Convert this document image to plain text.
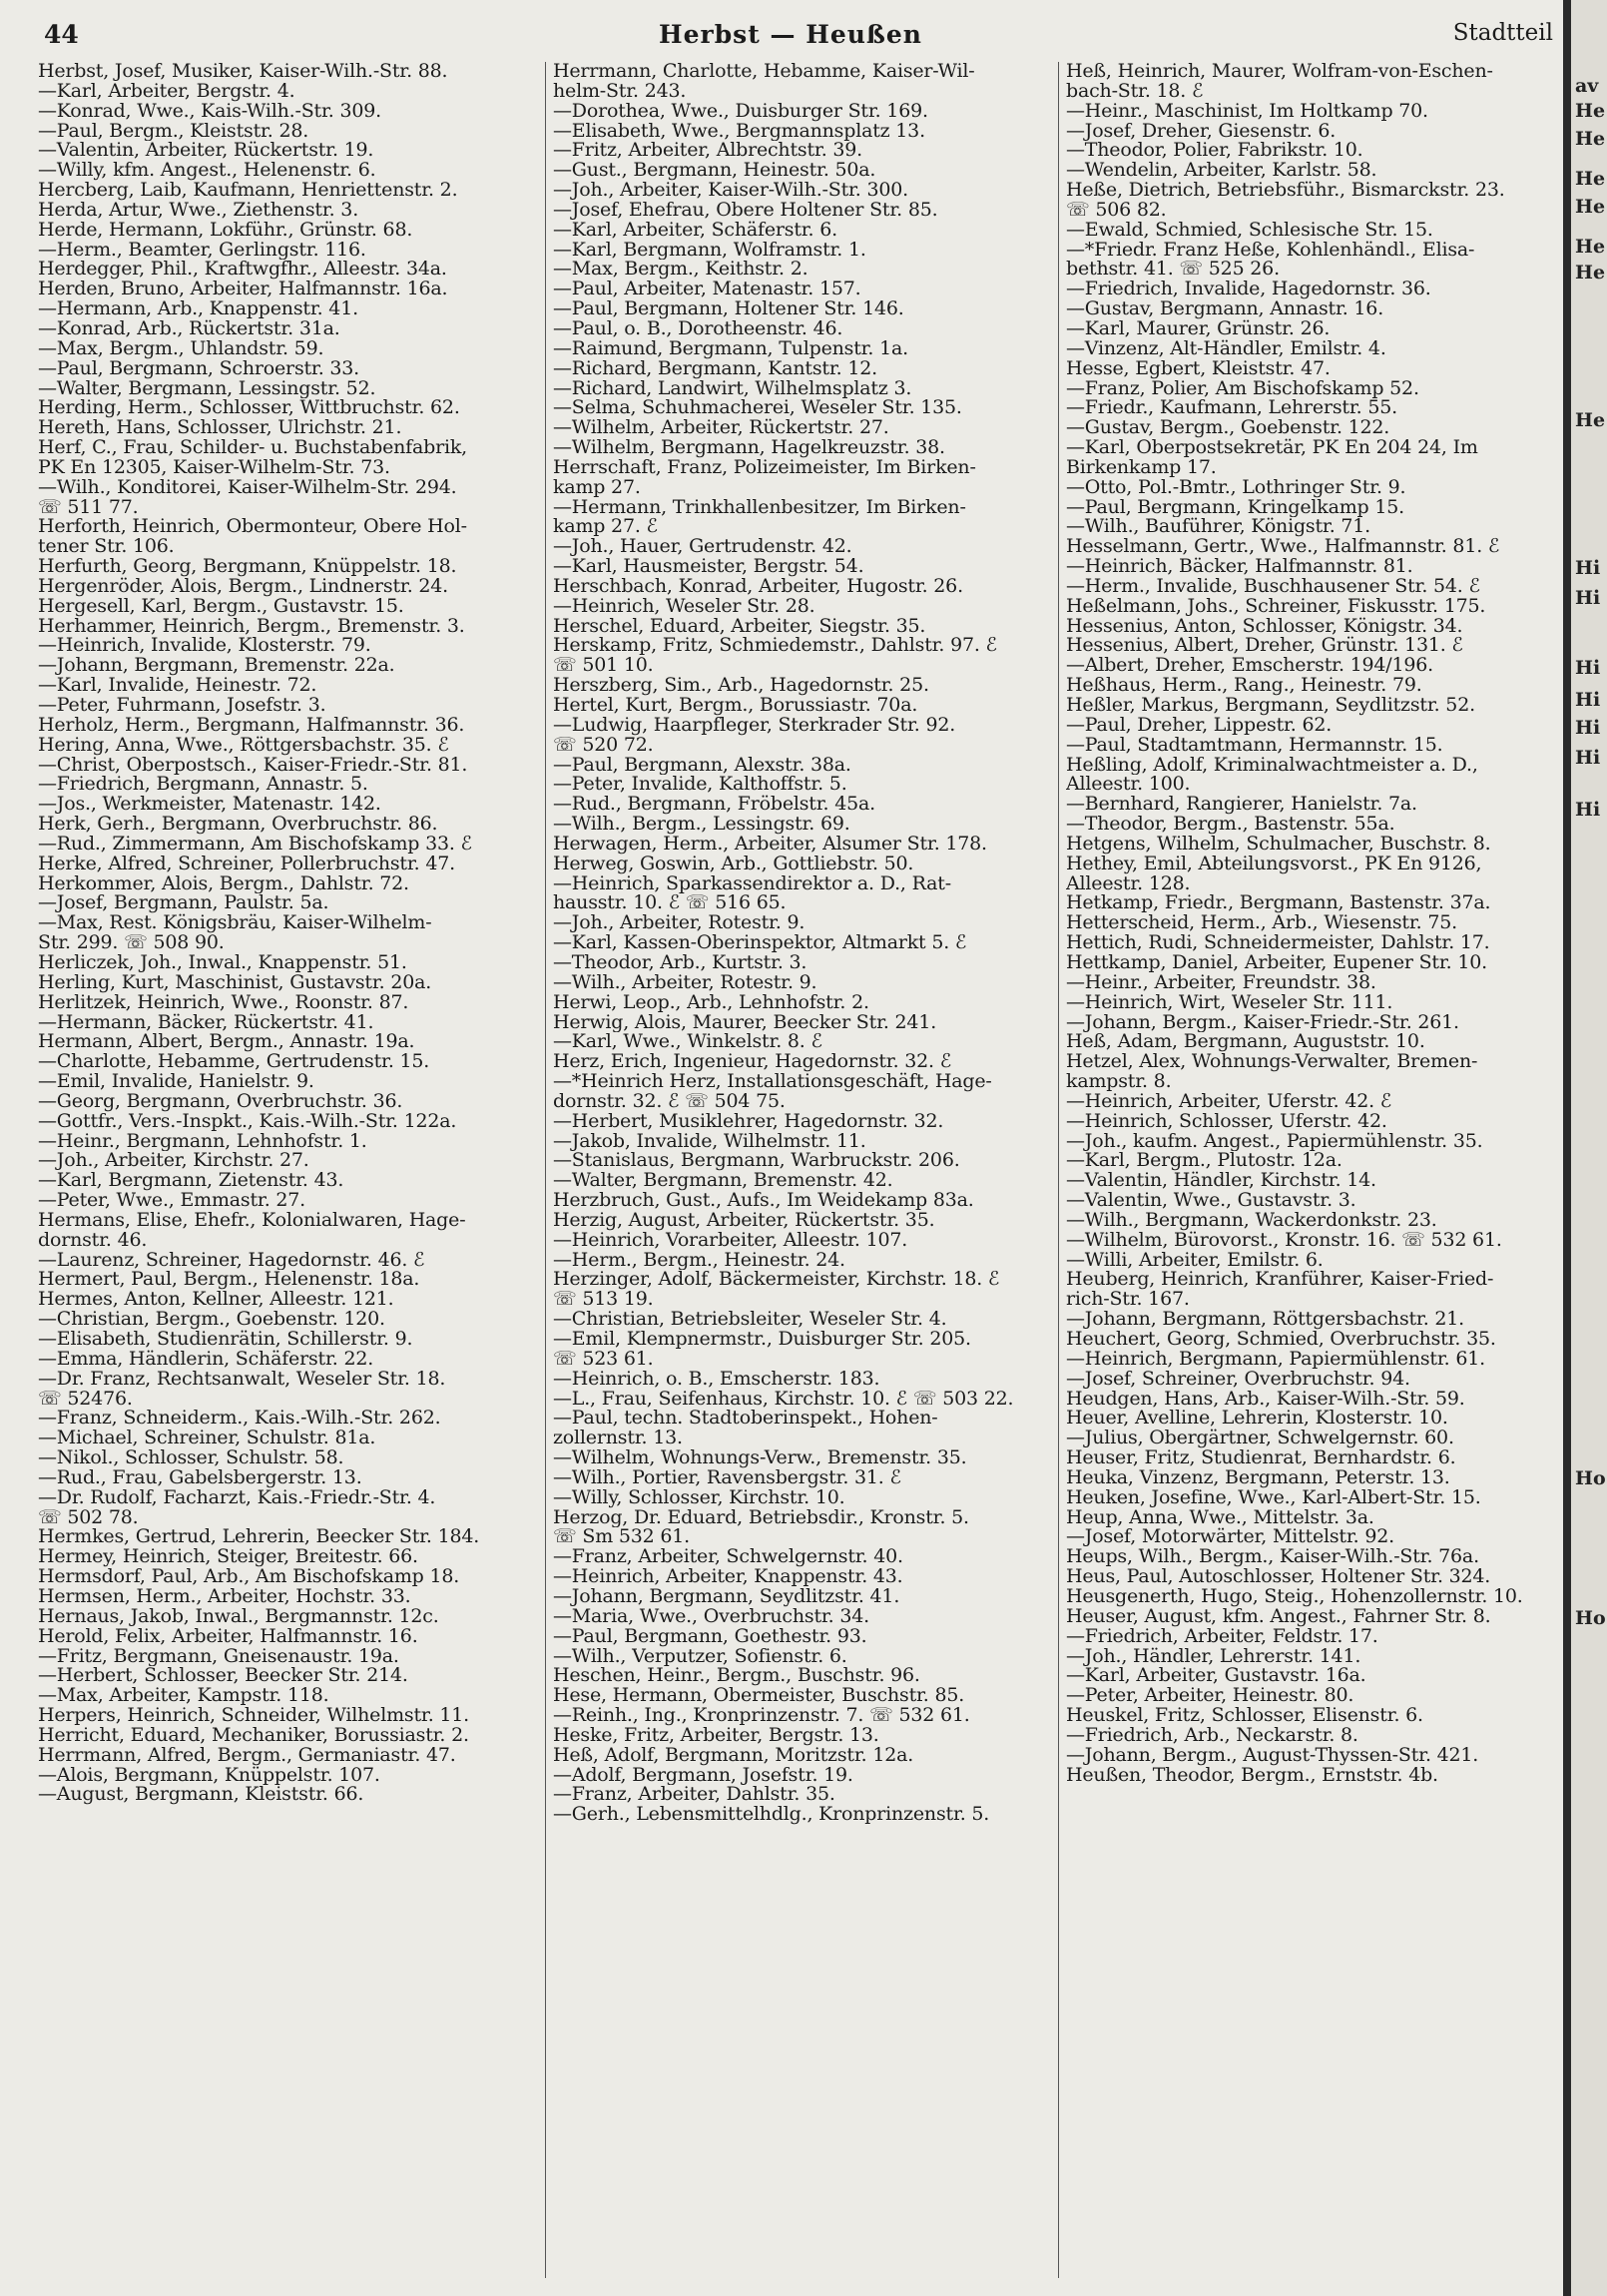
44	Herbst — Heußen	Stadtteil
Herbst, Josef, Musiker, Kaiser-Wilh.-Str. 88.
—Karl, Arbeiter, Bergstr. 4.
—Konrad, Wwe., Kais-Wilh.-Str. 309.
—Paul, Bergm., Kleiststr. 28.
—Valentin, Arbeiter, Rückertstr. 19.
—Willy, kfm. Angest., Helenenstr. 6.
Hercberg, Laib, Kaufmann, Henriettenstr. 2.
Herda, Artur, Wwe., Ziethenstr. 3.
Herde, Hermann, Lokführ., Grünstr. 68.
—Herm., Beamter, Gerlingstr. 116.
Herdegger, Phil., Kraftwgfhr., Alleestr. 34a.
Herden, Bruno, Arbeiter, Halfmannstr. 16a.
—Hermann, Arb., Knappenstr. 41.
—Konrad, Arb., Rückertstr. 31a.
—Max, Bergm., Uhlandstr. 59.
—Paul, Bergmann, Schroerstr. 33.
—Walter, Bergmann, Lessingstr. 52.
Herding, Herm., Schlosser, Wittbruchstr. 62.
Hereth, Hans, Schlosser, Ulrichstr. 21.
Herf, C., Frau, Schilder- u. Buchstabenfabrik,
PK En 12305, Kaiser-Wilhelm-Str. 73.
—Wilh., Konditorei, Kaiser-Wilhelm-Str. 294.
☏ 511 77.
Herforth, Heinrich, Obermonteur, Obere Hol-
tener Str. 106.
Herfurth, Georg, Bergmann, Knüppelstr. 18.
Hergenröder, Alois, Bergm., Lindnerstr. 24.
Hergesell, Karl, Bergm., Gustavstr. 15.
Herhammer, Heinrich, Bergm., Bremenstr. 3.
—Heinrich, Invalide, Klosterstr. 79.
—Johann, Bergmann, Bremenstr. 22a.
—Karl, Invalide, Heinestr. 72.
—Peter, Fuhrmann, Josefstr. 3.
Herholz, Herm., Bergmann, Halfmannstr. 36.
Hering, Anna, Wwe., Röttgersbachstr. 35. ℰ
—Christ, Oberpostsch., Kaiser-Friedr.-Str. 81.
—Friedrich, Bergmann, Annastr. 5.
—Jos., Werkmeister, Matenastr. 142.
Herk, Gerh., Bergmann, Overbruchstr. 86.
—Rud., Zimmermann, Am Bischofskamp 33. ℰ
Herke, Alfred, Schreiner, Pollerbruchstr. 47.
Herkommer, Alois, Bergm., Dahlstr. 72.
—Josef, Bergmann, Paulstr. 5a.
—Max, Rest. Königsbräu, Kaiser-Wilhelm-
Str. 299. ☏ 508 90.
Herliczek, Joh., Inwal., Knappenstr. 51.
Herling, Kurt, Maschinist, Gustavstr. 20a.
Herlitzek, Heinrich, Wwe., Roonstr. 87.
—Hermann, Bäcker, Rückertstr. 41.
Hermann, Albert, Bergm., Annastr. 19a.
—Charlotte, Hebamme, Gertrudenstr. 15.
—Emil, Invalide, Hanielstr. 9.
—Georg, Bergmann, Overbruchstr. 36.
—Gottfr., Vers.-Inspkt., Kais.-Wilh.-Str. 122a.
—Heinr., Bergmann, Lehnhofstr. 1.
—Joh., Arbeiter, Kirchstr. 27.
—Karl, Bergmann, Zietenstr. 43.
—Peter, Wwe., Emmastr. 27.
Hermans, Elise, Ehefr., Kolonialwaren, Hage-
dornstr. 46.
—Laurenz, Schreiner, Hagedornstr. 46. ℰ
Hermert, Paul, Bergm., Helenenstr. 18a.
Hermes, Anton, Kellner, Alleestr. 121.
—Christian, Bergm., Goebenstr. 120.
—Elisabeth, Studienrätin, Schillerstr. 9.
—Emma, Händlerin, Schäferstr. 22.
—Dr. Franz, Rechtsanwalt, Weseler Str. 18.
☏ 52476.
—Franz, Schneiderm., Kais.-Wilh.-Str. 262.
—Michael, Schreiner, Schulstr. 81a.
—Nikol., Schlosser, Schulstr. 58.
—Rud., Frau, Gabelsbergerstr. 13.
—Dr. Rudolf, Facharzt, Kais.-Friedr.-Str. 4.
☏ 502 78.
Hermkes, Gertrud, Lehrerin, Beecker Str. 184.
Hermey, Heinrich, Steiger, Breitestr. 66.
Hermsdorf, Paul, Arb., Am Bischofskamp 18.
Hermsen, Herm., Arbeiter, Hochstr. 33.
Hernaus, Jakob, Inwal., Bergmannstr. 12c.
Herold, Felix, Arbeiter, Halfmannstr. 16.
—Fritz, Bergmann, Gneisenaustr. 19a.
—Herbert, Schlosser, Beecker Str. 214.
—Max, Arbeiter, Kampstr. 118.
Herpers, Heinrich, Schneider, Wilhelmstr. 11.
Herricht, Eduard, Mechaniker, Borussiastr. 2.
Herrmann, Alfred, Bergm., Germaniastr. 47.
—Alois, Bergmann, Knüppelstr. 107.
—August, Bergmann, Kleiststr. 66.
Herrmann, Charlotte, Hebamme, Kaiser-Wil-
helm-Str. 243.
—Dorothea, Wwe., Duisburger Str. 169.
—Elisabeth, Wwe., Bergmannsplatz 13.
—Fritz, Arbeiter, Albrechtstr. 39.
—Gust., Bergmann, Heinestr. 50a.
—Joh., Arbeiter, Kaiser-Wilh.-Str. 300.
—Josef, Ehefrau, Obere Holtener Str. 85.
—Karl, Arbeiter, Schäferstr. 6.
—Karl, Bergmann, Wolframstr. 1.
—Max, Bergm., Keithstr. 2.
—Paul, Arbeiter, Matenastr. 157.
—Paul, Bergmann, Holtener Str. 146.
—Paul, o. B., Dorotheenstr. 46.
—Raimund, Bergmann, Tulpenstr. 1a.
—Richard, Bergmann, Kantstr. 12.
—Richard, Landwirt, Wilhelmsplatz 3.
—Selma, Schuhmacherei, Weseler Str. 135.
—Wilhelm, Arbeiter, Rückertstr. 27.
—Wilhelm, Bergmann, Hagelkreuzstr. 38.
Herrschaft, Franz, Polizeimeister, Im Birken-
kamp 27.
—Hermann, Trinkhallenbesitzer, Im Birken-
kamp 27. ℰ
—Joh., Hauer, Gertrudenstr. 42.
—Karl, Hausmeister, Bergstr. 54.
Herschbach, Konrad, Arbeiter, Hugostr. 26.
—Heinrich, Weseler Str. 28.
Herschel, Eduard, Arbeiter, Siegstr. 35.
Herskamp, Fritz, Schmiedemstr., Dahlstr. 97. ℰ
☏ 501 10.
Herszberg, Sim., Arb., Hagedornstr. 25.
Hertel, Kurt, Bergm., Borussiastr. 70a.
—Ludwig, Haarpfleger, Sterkrader Str. 92.
☏ 520 72.
—Paul, Bergmann, Alexstr. 38a.
—Peter, Invalide, Kalthoffstr. 5.
—Rud., Bergmann, Fröbelstr. 45a.
—Wilh., Bergm., Lessingstr. 69.
Herwagen, Herm., Arbeiter, Alsumer Str. 178.
Herweg, Goswin, Arb., Gottliebstr. 50.
—Heinrich, Sparkassendirektor a. D., Rat-
hausstr. 10. ℰ ☏ 516 65.
—Joh., Arbeiter, Rotestr. 9.
—Karl, Kassen-Oberinspektor, Altmarkt 5. ℰ
—Theodor, Arb., Kurtstr. 3.
—Wilh., Arbeiter, Rotestr. 9.
Herwi, Leop., Arb., Lehnhofstr. 2.
Herwig, Alois, Maurer, Beecker Str. 241.
—Karl, Wwe., Winkelstr. 8. ℰ
Herz, Erich, Ingenieur, Hagedornstr. 32. ℰ
—*Heinrich Herz, Installationsgeschäft, Hage-
dornstr. 32. ℰ ☏ 504 75.
—Herbert, Musiklehrer, Hagedornstr. 32.
—Jakob, Invalide, Wilhelmstr. 11.
—Stanislaus, Bergmann, Warbruckstr. 206.
—Walter, Bergmann, Bremenstr. 42.
Herzbruch, Gust., Aufs., Im Weidekamp 83a.
Herzig, August, Arbeiter, Rückertstr. 35.
—Heinrich, Vorarbeiter, Alleestr. 107.
—Herm., Bergm., Heinestr. 24.
Herzinger, Adolf, Bäckermeister, Kirchstr. 18. ℰ
☏ 513 19.
—Christian, Betriebsleiter, Weseler Str. 4.
—Emil, Klempnermstr., Duisburger Str. 205.
☏ 523 61.
—Heinrich, o. B., Emscherstr. 183.
—L., Frau, Seifenhaus, Kirchstr. 10. ℰ ☏ 503 22.
—Paul, techn. Stadtoberinspekt., Hohen-
zollernstr. 13.
—Wilhelm, Wohnungs-Verw., Bremenstr. 35.
—Wilh., Portier, Ravensbergstr. 31. ℰ
—Willy, Schlosser, Kirchstr. 10.
Herzog, Dr. Eduard, Betriebsdir., Kronstr. 5.
☏ Sm 532 61.
—Franz, Arbeiter, Schwelgernstr. 40.
—Heinrich, Arbeiter, Knappenstr. 43.
—Johann, Bergmann, Seydlitzstr. 41.
—Maria, Wwe., Overbruchstr. 34.
—Paul, Bergmann, Goethestr. 93.
—Wilh., Verputzer, Sofienstr. 6.
Heschen, Heinr., Bergm., Buschstr. 96.
Hese, Hermann, Obermeister, Buschstr. 85.
—Reinh., Ing., Kronprinzenstr. 7. ☏ 532 61.
Heske, Fritz, Arbeiter, Bergstr. 13.
Heß, Adolf, Bergmann, Moritzstr. 12a.
—Adolf, Bergmann, Josefstr. 19.
—Franz, Arbeiter, Dahlstr. 35.
—Gerh., Lebensmittelhdlg., Kronprinzenstr. 5.
Heß, Heinrich, Maurer, Wolfram-von-Eschen-
bach-Str. 18. ℰ
—Heinr., Maschinist, Im Holtkamp 70.
—Josef, Dreher, Giesenstr. 6.
—Theodor, Polier, Fabrikstr. 10.
—Wendelin, Arbeiter, Karlstr. 58.
Heße, Dietrich, Betriebsführ., Bismarckstr. 23.
☏ 506 82.
—Ewald, Schmied, Schlesische Str. 15.
—*Friedr. Franz Heße, Kohlenhändl., Elisa-
bethstr. 41. ☏ 525 26.
—Friedrich, Invalide, Hagedornstr. 36.
—Gustav, Bergmann, Annastr. 16.
—Karl, Maurer, Grünstr. 26.
—Vinzenz, Alt-Händler, Emilstr. 4.
Hesse, Egbert, Kleiststr. 47.
—Franz, Polier, Am Bischofskamp 52.
—Friedr., Kaufmann, Lehrerstr. 55.
—Gustav, Bergm., Goebenstr. 122.
—Karl, Oberpostsekretär, PK En 204 24, Im
Birkenkamp 17.
—Otto, Pol.-Bmtr., Lothringer Str. 9.
—Paul, Bergmann, Kringelkamp 15.
—Wilh., Bauführer, Königstr. 71.
Hesselmann, Gertr., Wwe., Halfmannstr. 81. ℰ
—Heinrich, Bäcker, Halfmannstr. 81.
—Herm., Invalide, Buschhausener Str. 54. ℰ
Heßelmann, Johs., Schreiner, Fiskusstr. 175.
Hessenius, Anton, Schlosser, Königstr. 34.
Hessenius, Albert, Dreher, Grünstr. 131. ℰ
—Albert, Dreher, Emscherstr. 194/196.
Heßhaus, Herm., Rang., Heinestr. 79.
Heßler, Markus, Bergmann, Seydlitzstr. 52.
—Paul, Dreher, Lippestr. 62.
—Paul, Stadtamtmann, Hermannstr. 15.
Heßling, Adolf, Kriminalwachtmeister a. D.,
Alleestr. 100.
—Bernhard, Rangierer, Hanielstr. 7a.
—Theodor, Bergm., Bastenstr. 55a.
Hetgens, Wilhelm, Schulmacher, Buschstr. 8.
Hethey, Emil, Abteilungsvorst., PK En 9126,
Alleestr. 128.
Hetkamp, Friedr., Bergmann, Bastenstr. 37a.
Hetterscheid, Herm., Arb., Wiesenstr. 75.
Hettich, Rudi, Schneidermeister, Dahlstr. 17.
Hettkamp, Daniel, Arbeiter, Eupener Str. 10.
—Heinr., Arbeiter, Freundstr. 38.
—Heinrich, Wirt, Weseler Str. 111.
—Johann, Bergm., Kaiser-Friedr.-Str. 261.
Heß, Adam, Bergmann, Auguststr. 10.
Hetzel, Alex, Wohnungs-Verwalter, Bremen-
kampstr. 8.
—Heinrich, Arbeiter, Uferstr. 42. ℰ
—Heinrich, Schlosser, Uferstr. 42.
—Joh., kaufm. Angest., Papiermühlenstr. 35.
—Karl, Bergm., Plutostr. 12a.
—Valentin, Händler, Kirchstr. 14.
—Valentin, Wwe., Gustavstr. 3.
—Wilh., Bergmann, Wackerdonkstr. 23.
—Wilhelm, Bürovorst., Kronstr. 16. ☏ 532 61.
—Willi, Arbeiter, Emilstr. 6.
Heuberg, Heinrich, Kranführer, Kaiser-Fried-
rich-Str. 167.
—Johann, Bergmann, Röttgersbachstr. 21.
Heuchert, Georg, Schmied, Overbruchstr. 35.
—Heinrich, Bergmann, Papiermühlenstr. 61.
—Josef, Schreiner, Overbruchstr. 94.
Heudgen, Hans, Arb., Kaiser-Wilh.-Str. 59.
Heuer, Avelline, Lehrerin, Klosterstr. 10.
—Julius, Obergärtner, Schwelgernstr. 60.
Heuser, Fritz, Studienrat, Bernhardstr. 6.
Heuka, Vinzenz, Bergmann, Peterstr. 13.
Heuken, Josefine, Wwe., Karl-Albert-Str. 15.
Heup, Anna, Wwe., Mittelstr. 3a.
—Josef, Motorwärter, Mittelstr. 92.
Heups, Wilh., Bergm., Kaiser-Wilh.-Str. 76a.
Heus, Paul, Autoschlosser, Holtener Str. 324.
Heusgenerth, Hugo, Steig., Hohenzollernstr. 10.
Heuser, August, kfm. Angest., Fahrner Str. 8.
—Friedrich, Arbeiter, Feldstr. 17.
—Joh., Händler, Lehrerstr. 141.
—Karl, Arbeiter, Gustavstr. 16a.
—Peter, Arbeiter, Heinestr. 80.
Heuskel, Fritz, Schlosser, Elisenstr. 6.
—Friedrich, Arb., Neckarstr. 8.
—Johann, Bergm., August-Thyssen-Str. 421.
Heußen, Theodor, Bergm., Ernststr. 4b.
av
He
He
He
He
He
He
He
Hi
Hi
Hi
Hi
Hi
Hi
Hi
Ho
Ho
